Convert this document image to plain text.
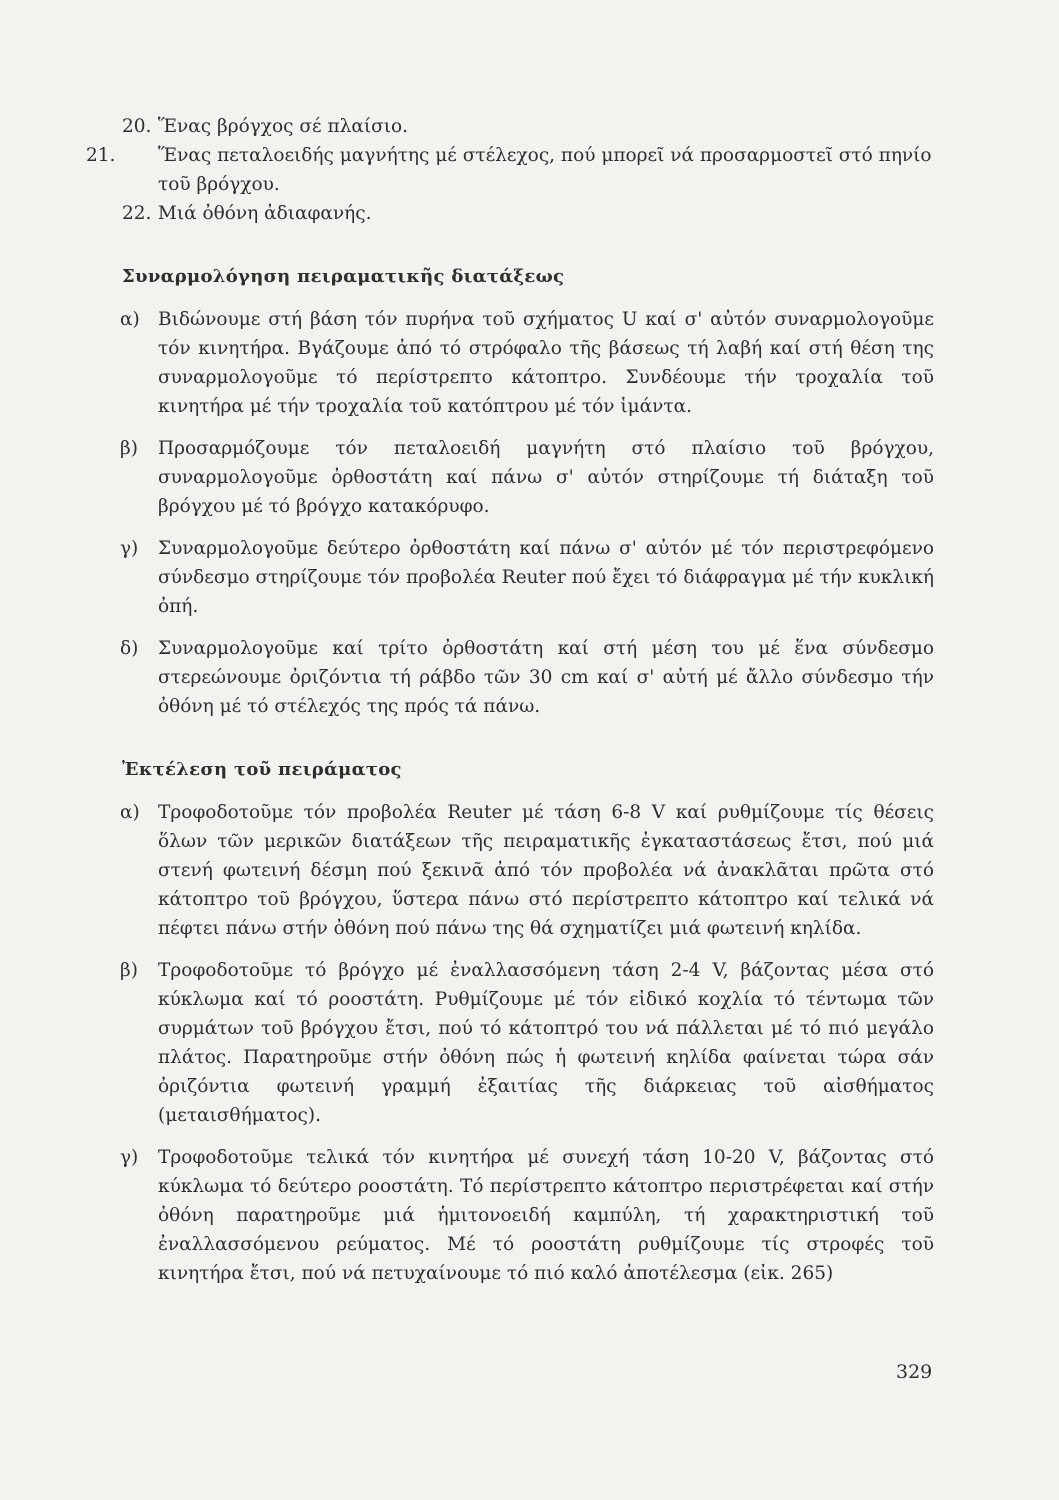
20. Ἕνας βρόγχος σέ πλαίσιο.
21. Ἕνας πεταλοειδής μαγνήτης μέ στέλεχος, πού μπορεῖ νά προσαρμοστεῖ στό πηνίο τοῦ βρόγχου.
22. Μιά ὀθόνη ἀδιαφανής.
Συναρμολόγηση πειραματικῆς διατάξεως
α) Βιδώνουμε στή βάση τόν πυρήνα τοῦ σχήματος U καί σ' αὐτόν συναρμολογοῦμε τόν κινητήρα. Βγάζουμε ἀπό τό στρόφαλο τῆς βάσεως τή λαβή καί στή θέση της συναρμολογοῦμε τό περίστρεπτο κάτοπτρο. Συνδέουμε τήν τροχαλία τοῦ κινητήρα μέ τήν τροχαλία τοῦ κατόπτρου μέ τόν ἱμάντα.
β) Προσαρμόζουμε τόν πεταλοειδή μαγνήτη στό πλαίσιο τοῦ βρόγχου, συναρμολογοῦμε ὀρθοστάτη καί πάνω σ' αὐτόν στηρίζουμε τή διάταξη τοῦ βρόγχου μέ τό βρόγχο κατακόρυφο.
γ) Συναρμολογοῦμε δεύτερο ὀρθοστάτη καί πάνω σ' αὐτόν μέ τόν περιστρεφόμενο σύνδεσμο στηρίζουμε τόν προβολέα Reuter πού ἔχει τό διάφραγμα μέ τήν κυκλική ὀπή.
δ) Συναρμολογοῦμε καί τρίτο ὀρθοστάτη καί στή μέση του μέ ἕνα σύνδεσμο στερεώνουμε ὀριζόντια τή ράβδο τῶν 30 cm καί σ' αὐτή μέ ἄλλο σύνδεσμο τήν ὀθόνη μέ τό στέλεχός της πρός τά πάνω.
Ἐκτέλεση τοῦ πειράματος
α) Τροφοδοτοῦμε τόν προβολέα Reuter μέ τάση 6-8 V καί ρυθμίζουμε τίς θέσεις ὅλων τῶν μερικῶν διατάξεων τῆς πειραματικῆς ἐγκαταστάσεως ἔτσι, πού μιά στενή φωτεινή δέσμη πού ξεκινᾶ ἀπό τόν προβολέα νά ἀνακλᾶται πρῶτα στό κάτοπτρο τοῦ βρόγχου, ὕστερα πάνω στό περίστρεπτο κάτοπτρο καί τελικά νά πέφτει πάνω στήν ὀθόνη πού πάνω της θά σχηματίζει μιά φωτεινή κηλίδα.
β) Τροφοδοτοῦμε τό βρόγχο μέ ἐναλλασσόμενη τάση 2-4 V, βάζοντας μέσα στό κύκλωμα καί τό ροοστάτη. Ρυθμίζουμε μέ τόν εἰδικό κοχλία τό τέντωμα τῶν συρμάτων τοῦ βρόγχου ἔτσι, πού τό κάτοπτρό του νά πάλλεται μέ τό πιό μεγάλο πλάτος. Παρατηροῦμε στήν ὀθόνη πώς ἡ φωτεινή κηλίδα φαίνεται τώρα σάν ὀριζόντια φωτεινή γραμμή ἐξαιτίας τῆς διάρκειας τοῦ αἰσθήματος (μεταισθήματος).
γ) Τροφοδοτοῦμε τελικά τόν κινητήρα μέ συνεχή τάση 10-20 V, βάζοντας στό κύκλωμα τό δεύτερο ροοστάτη. Τό περίστρεπτο κάτοπτρο περιστρέφεται καί στήν ὀθόνη παρατηροῦμε μιά ἡμιτονοειδή καμπύλη, τή χαρακτηριστική τοῦ ἐναλλασσόμενου ρεύματος. Μέ τό ροοστάτη ρυθμίζουμε τίς στροφές τοῦ κινητήρα ἔτσι, πού νά πετυχαίνουμε τό πιό καλό ἀποτέλεσμα (εἰκ. 265)
329
